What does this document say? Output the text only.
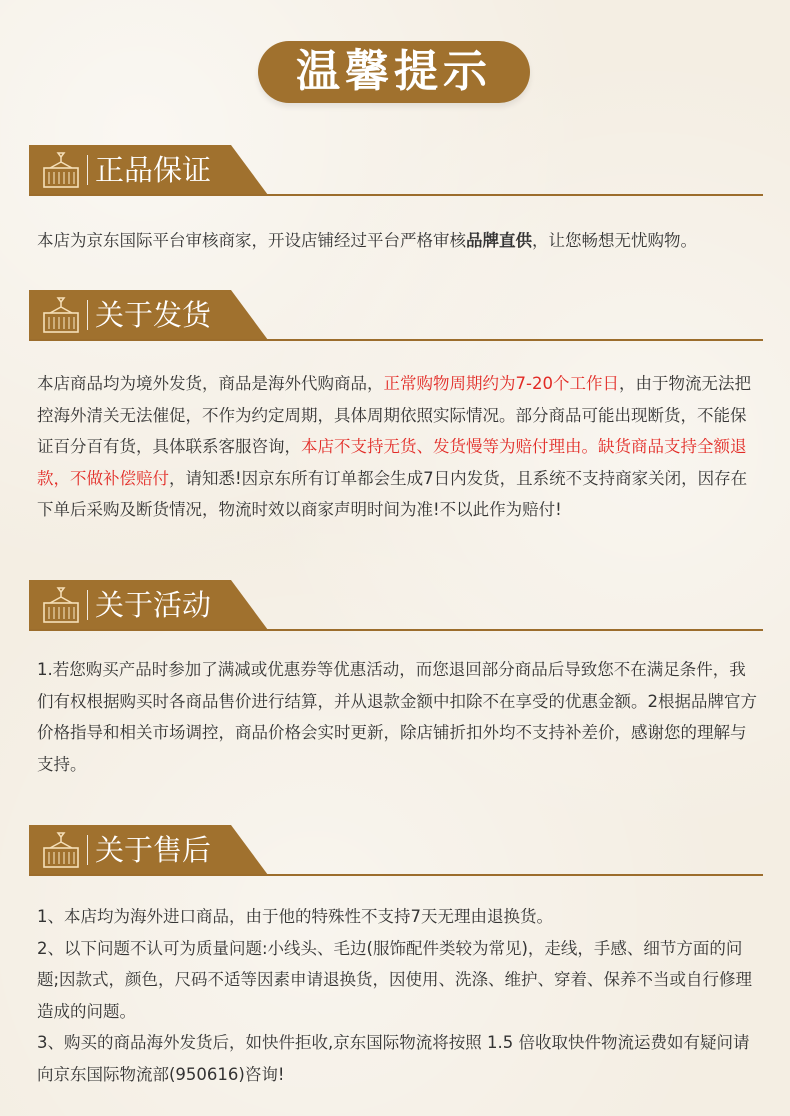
温馨提示
正品保证

本店为京东国际平台审核商家，开设店铺经过平台严格审核品牌直供，让您畅想无忧购物。

关于发货

本店商品均为境外发货，商品是海外代购商品，正常购物周期约为7-20个工作日，由于物流无法把控海外清关无法催促，不作为约定周期，具体周期依照实际情况。部分商品可能出现断货，不能保证百分百有货，具体联系客服咨询，本店不支持无货、发货慢等为赔付理由。缺货商品支持全额退款，不做补偿赔付，请知悉!因京东所有订单都会生成7日内发货，且系统不支持商家关闭，因存在下单后采购及断货情况，物流时效以商家声明时间为准!不以此作为赔付!

关于活动

1.若您购买产品时参加了满减或优惠券等优惠活动，而您退回部分商品后导致您不在满足条件，我们有权根据购买时各商品售价进行结算，并从退款金额中扣除不在享受的优惠金额。2根据品牌官方价格指导和相关市场调控，商品价格会实时更新，除店铺折扣外均不支持补差价，感谢您的理解与支持。

关于售后
1、本店均为海外进口商品，由于他的特殊性不支持7天无理由退换货。
2、以下问题不认可为质量问题:小线头、毛边(服饰配件类较为常见)，走线，手感、细节方面的问题;因款式，颜色，尺码不适等因素申请退换货，因使用、洗涤、维护、穿着、保养不当或自行修理造成的问题。
3、购买的商品海外发货后，如快件拒收,京东国际物流将按照 1.5 倍收取快件物流运费如有疑问请向京东国际物流部(950616)咨询!
